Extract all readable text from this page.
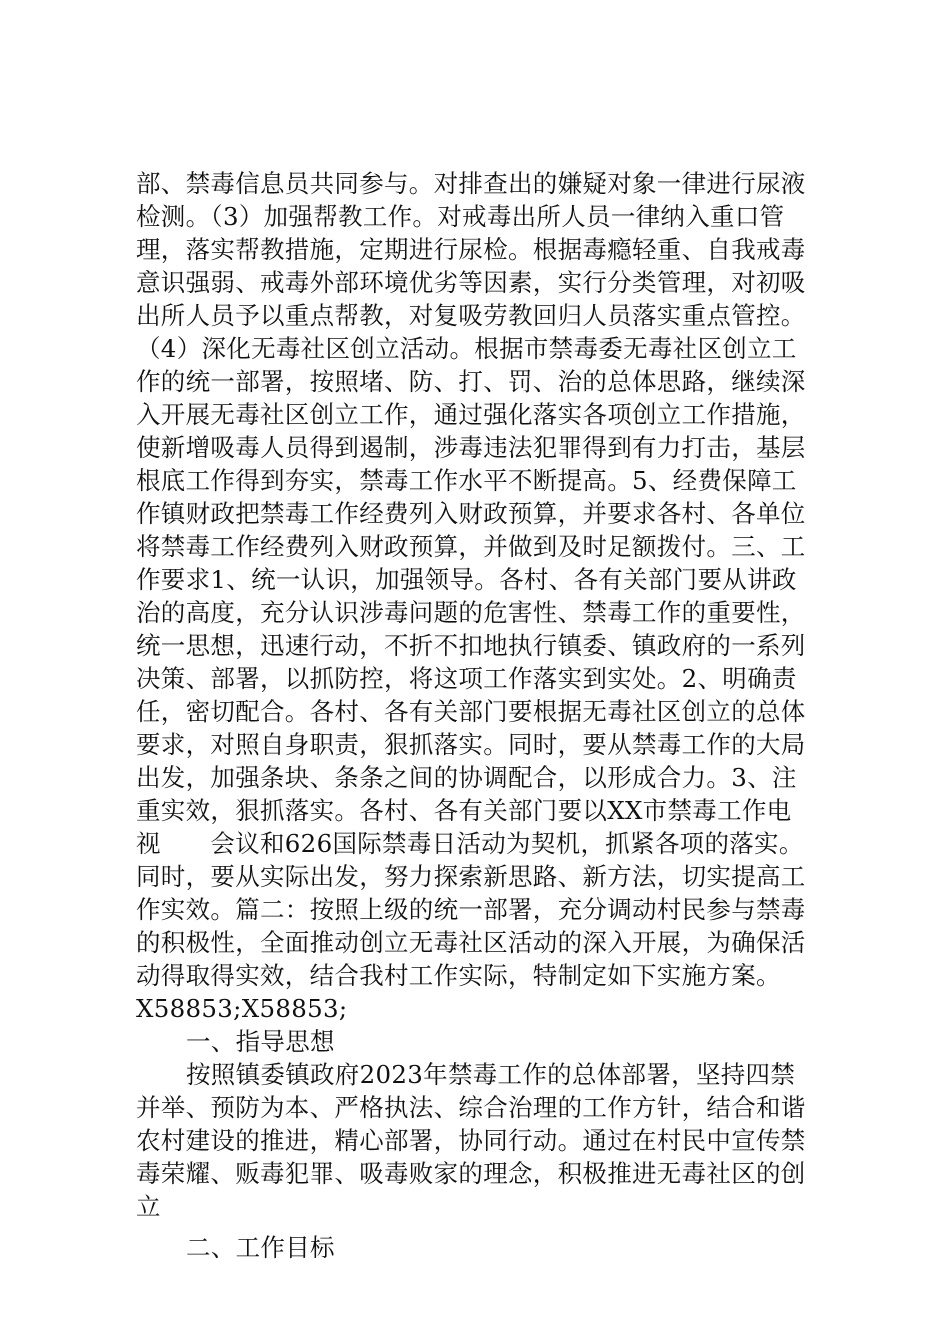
部、禁毒信息员共同参与。对排查出的嫌疑对象一律进行尿液
检测。（3）加强帮教工作。对戒毒出所人员一律纳入重口管
理，落实帮教措施，定期进行尿检。根据毒瘾轻重、自我戒毒
意识强弱、戒毒外部环境优劣等因素，实行分类管理，对初吸
出所人员予以重点帮教，对复吸劳教回归人员落实重点管控。
（4）深化无毒社区创立活动。根据市禁毒委无毒社区创立工
作的统一部署，按照堵、防、打、罚、治的总体思路，继续深
入开展无毒社区创立工作，通过强化落实各项创立工作措施，
使新增吸毒人员得到遏制，涉毒违法犯罪得到有力打击，基层
根底工作得到夯实，禁毒工作水平不断提高。5、经费保障工
作镇财政把禁毒工作经费列入财政预算，并要求各村、各单位
将禁毒工作经费列入财政预算，并做到及时足额拨付。三、工
作要求1、统一认识，加强领导。各村、各有关部门要从讲政
治的高度，充分认识涉毒问题的危害性、禁毒工作的重要性，
统一思想，迅速行动，不折不扣地执行镇委、镇政府的一系列
决策、部署，以抓防控，将这项工作落实到实处。2、明确责
任，密切配合。各村、各有关部门要根据无毒社区创立的总体
要求，对照自身职责，狠抓落实。同时，要从禁毒工作的大局
出发，加强条块、条条之间的协调配合，以形成合力。3、注
重实效，狠抓落实。各村、各有关部门要以XX市禁毒工作电
视　　会议和626国际禁毒日活动为契机，抓紧各项的落实。
同时，要从实际出发，努力探索新思路、新方法，切实提高工
作实效。篇二：按照上级的统一部署，充分调动村民参与禁毒
的积极性，全面推动创立无毒社区活动的深入开展，为确保活
动得取得实效，结合我村工作实际，特制定如下实施方案。
X58853;X58853;
一、指导思想
按照镇委镇政府2023年禁毒工作的总体部署，坚持四禁
并举、预防为本、严格执法、综合治理的工作方针，结合和谐
农村建设的推进，精心部署，协同行动。通过在村民中宣传禁
毒荣耀、贩毒犯罪、吸毒败家的理念，积极推进无毒社区的创
立
二、工作目标
